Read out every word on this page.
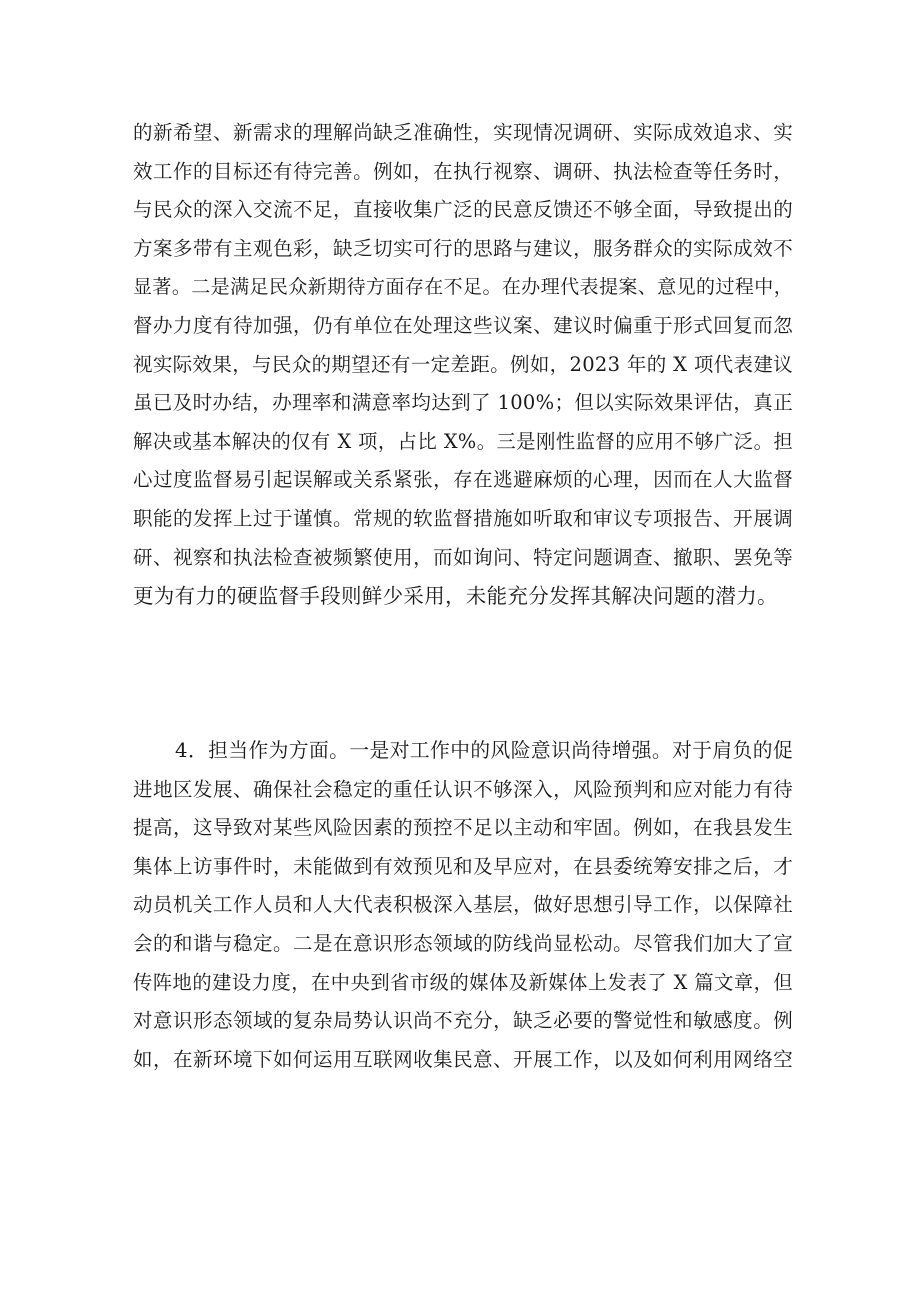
的新希望、新需求的理解尚缺乏准确性，实现情况调研、实际成效追求、实
效工作的目标还有待完善。例如，在执行视察、调研、执法检查等任务时，
与民众的深入交流不足，直接收集广泛的民意反馈还不够全面，导致提出的
方案多带有主观色彩，缺乏切实可行的思路与建议，服务群众的实际成效不
显著。二是满足民众新期待方面存在不足。在办理代表提案、意见的过程中，
督办力度有待加强，仍有单位在处理这些议案、建议时偏重于形式回复而忽
视实际效果，与民众的期望还有一定差距。例如，2023 年的 X 项代表建议
虽已及时办结，办理率和满意率均达到了 100%；但以实际效果评估，真正
解决或基本解决的仅有 X 项，占比 X%。三是刚性监督的应用不够广泛。担
心过度监督易引起误解或关系紧张，存在逃避麻烦的心理，因而在人大监督
职能的发挥上过于谨慎。常规的软监督措施如听取和审议专项报告、开展调
研、视察和执法检查被频繁使用，而如询问、特定问题调查、撤职、罢免等
更为有力的硬监督手段则鲜少采用，未能充分发挥其解决问题的潜力。
4．担当作为方面。一是对工作中的风险意识尚待增强。对于肩负的促
进地区发展、确保社会稳定的重任认识不够深入，风险预判和应对能力有待
提高，这导致对某些风险因素的预控不足以主动和牢固。例如，在我县发生
集体上访事件时，未能做到有效预见和及早应对，在县委统筹安排之后，才
动员机关工作人员和人大代表积极深入基层，做好思想引导工作，以保障社
会的和谐与稳定。二是在意识形态领域的防线尚显松动。尽管我们加大了宣
传阵地的建设力度，在中央到省市级的媒体及新媒体上发表了 X 篇文章，但
对意识形态领域的复杂局势认识尚不充分，缺乏必要的警觉性和敏感度。例
如，在新环境下如何运用互联网收集民意、开展工作，以及如何利用网络空
